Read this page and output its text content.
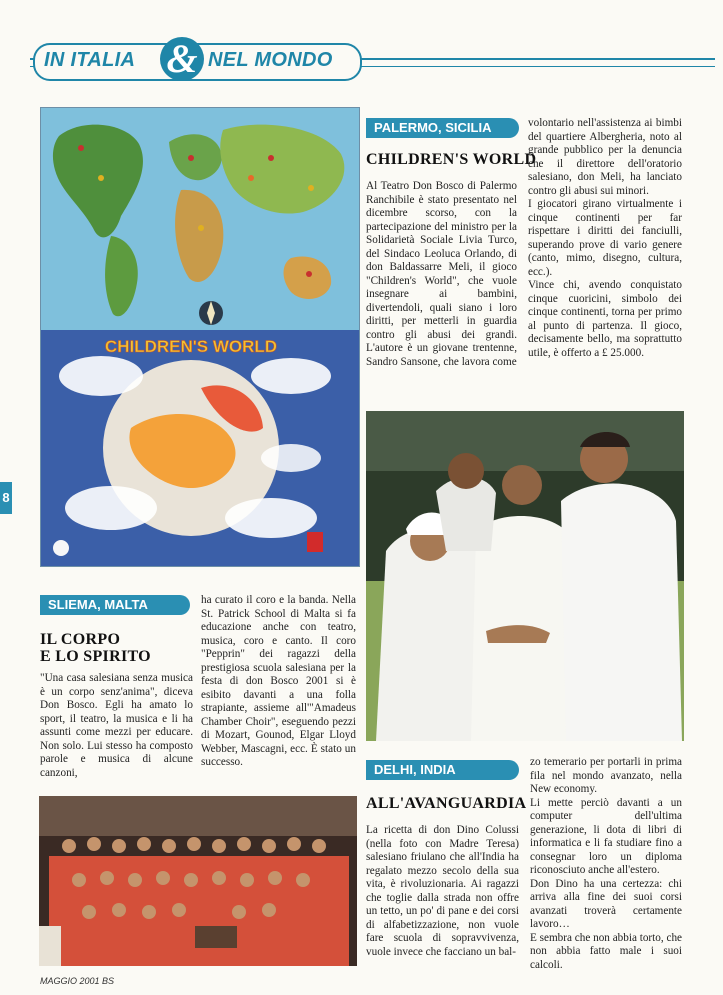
IN ITALIA & NEL MONDO
8
CHILDREN'S WORLD
PALERMO, SICILIA
CHILDREN'S WORLD

Al Teatro Don Bosco di Palermo Ranchibile è stato presentato nel dicembre scorso, con la partecipazione del ministro per la Solidarietà Sociale Livia Turco, del Sindaco Leoluca Orlando, di don Baldassarre Meli, il gioco "Children's World", che vuole insegnare ai bambini, divertendoli, quali siano i loro diritti, per metterli in guardia contro gli abusi dei grandi. L'autore è un giovane trentenne, Sandro Sansone, che lavora come

volontario nell'assistenza ai bimbi del quartiere Albergheria, noto al grande pubblico per la denuncia che il direttore dell'oratorio salesiano, don Meli, ha lanciato contro gli abusi sui minori.

I giocatori girano virtualmente i cinque continenti per far rispettare i diritti dei fanciulli, superando prove di vario genere (canto, mimo, disegno, cultura, ecc.).

Vince chi, avendo conquistato cinque cuoricini, simbolo dei cinque continenti, torna per primo al punto di partenza. Il gioco, decisamente bello, ma soprattutto utile, è offerto a £ 25.000.

SLIEMA, MALTA
IL CORPO
E LO SPIRITO

"Una casa salesiana senza musica è un corpo senz'anima", diceva Don Bosco. Egli ha amato lo sport, il teatro, la musica e li ha assunti come mezzi per educare. Non solo. Lui stesso ha composto parole e musica di alcune canzoni,

ha curato il coro e la banda. Nella St. Patrick School di Malta si fa educazione anche con teatro, musica, coro e canto. Il coro "Pepprin" dei ragazzi della prestigiosa scuola salesiana per la festa di don Bosco 2001 si è esibito davanti a una folla strapiante, assieme all'"Amadeus Chamber Choir", eseguendo pezzi di Mozart, Gounod, Elgar Lloyd Webber, Mascagni, ecc. È stato un successo.	DELHI, INDIA
ALL'AVANGUARDIA

La ricetta di don Dino Colussi (nella foto con Madre Teresa) salesiano friulano che all'India ha regalato mezzo secolo della sua vita, è rivoluzionaria. Ai ragazzi che toglie dalla strada non offre un tetto, un po' di pane e dei corsi di alfabetizzazione, non vuole fare scuola di sopravvivenza, vuole invece che facciano un bal-

zo temerario per portarli in prima fila nel mondo avanzato, nella New economy.

Li mette perciò davanti a un computer dell'ultima generazione, li dota di libri di informatica e li fa studiare fino a consegnar loro un diploma riconosciuto anche all'estero.

Don Dino ha una certezza: chi arriva alla fine dei suoi corsi avanzati troverà certamente lavoro…

E sembra che non abbia torto, che non abbia fatto male i suoi calcoli.

MAGGIO 2001 BS
